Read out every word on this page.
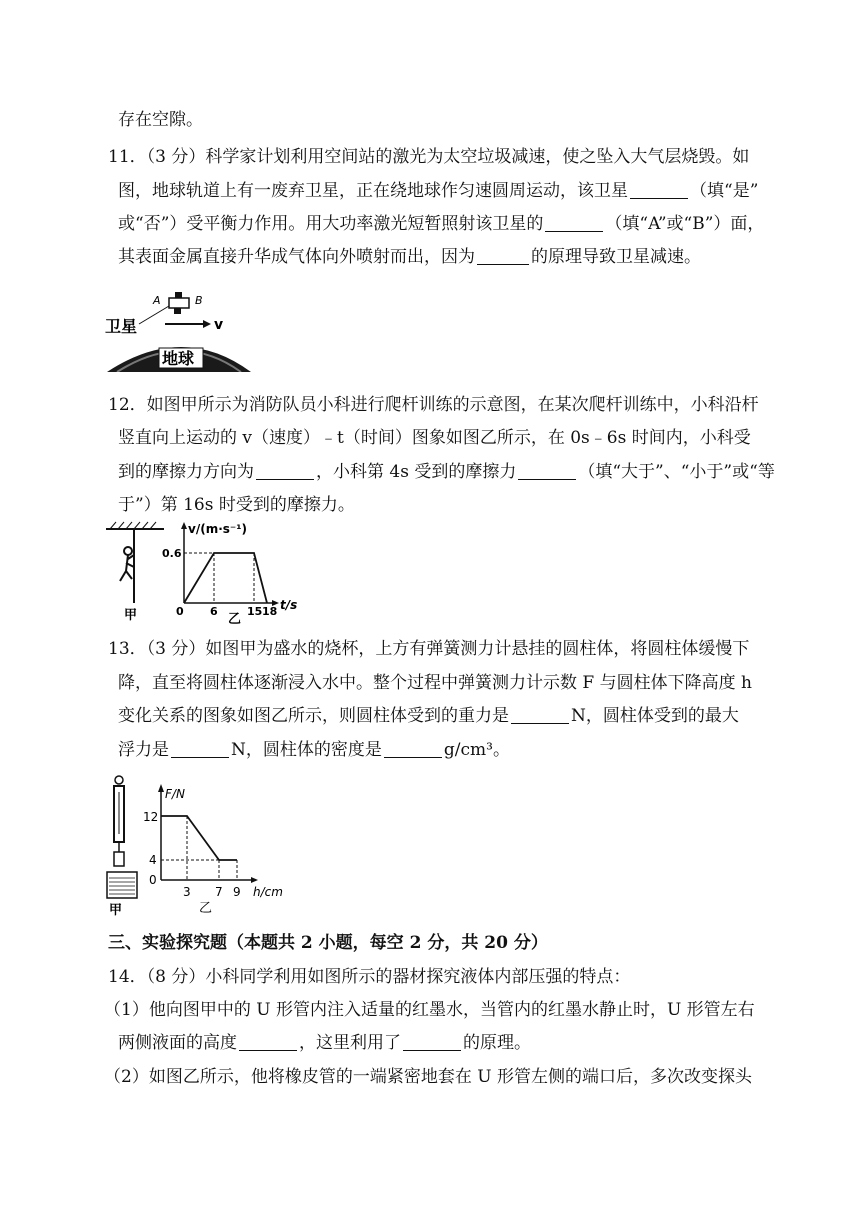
存在空隙。
11．（3 分）科学家计划利用空间站的激光为太空垃圾减速，使之坠入大气层烧毁。如
图，地球轨道上有一废弃卫星，正在绕地球作匀速圆周运动，该卫星	（填“是”
或“否”）受平衡力作用。用大功率激光短暂照射该卫星的	（填“A”或“B”）面，
其表面金属直接升华成气体向外喷射而出，因为	的原理导致卫星减速。
地球
A	B
卫星	v
12．如图甲所示为消防队员小科进行爬杆训练的示意图，在某次爬杆训练中，小科沿杆
竖直向上运动的 v（速度）﹣t（时间）图象如图乙所示，在 0s﹣6s 时间内，小科受
到的摩擦力方向为	，小科第 4s 受到的摩擦力	（填“大于”、“小于”或“等
于”）第 16s 时受到的摩擦力。
甲
v/(m·s⁻¹)
t/s
0.6
0 6	15 18
乙
13．（3 分）如图甲为盛水的烧杯，上方有弹簧测力计悬挂的圆柱体，将圆柱体缓慢下
降，直至将圆柱体逐渐浸入水中。整个过程中弹簧测力计示数 F 与圆柱体下降高度 h
变化关系的图象如图乙所示，则圆柱体受到的重力是	N，圆柱体受到的最大
浮力是	N，圆柱体的密度是	g/cm³。
甲
F/N
h/cm
12
4
0
3 7 9
乙
三、实验探究题（本题共 2 小题，每空 2 分，共 20 分）
14．（8 分）小科同学利用如图所示的器材探究液体内部压强的特点：
（1）他向图甲中的 U 形管内注入适量的红墨水，当管内的红墨水静止时，U 形管左右
两侧液面的高度	，这里利用了	的原理。
（2）如图乙所示，他将橡皮管的一端紧密地套在 U 形管左侧的端口后，多次改变探头
